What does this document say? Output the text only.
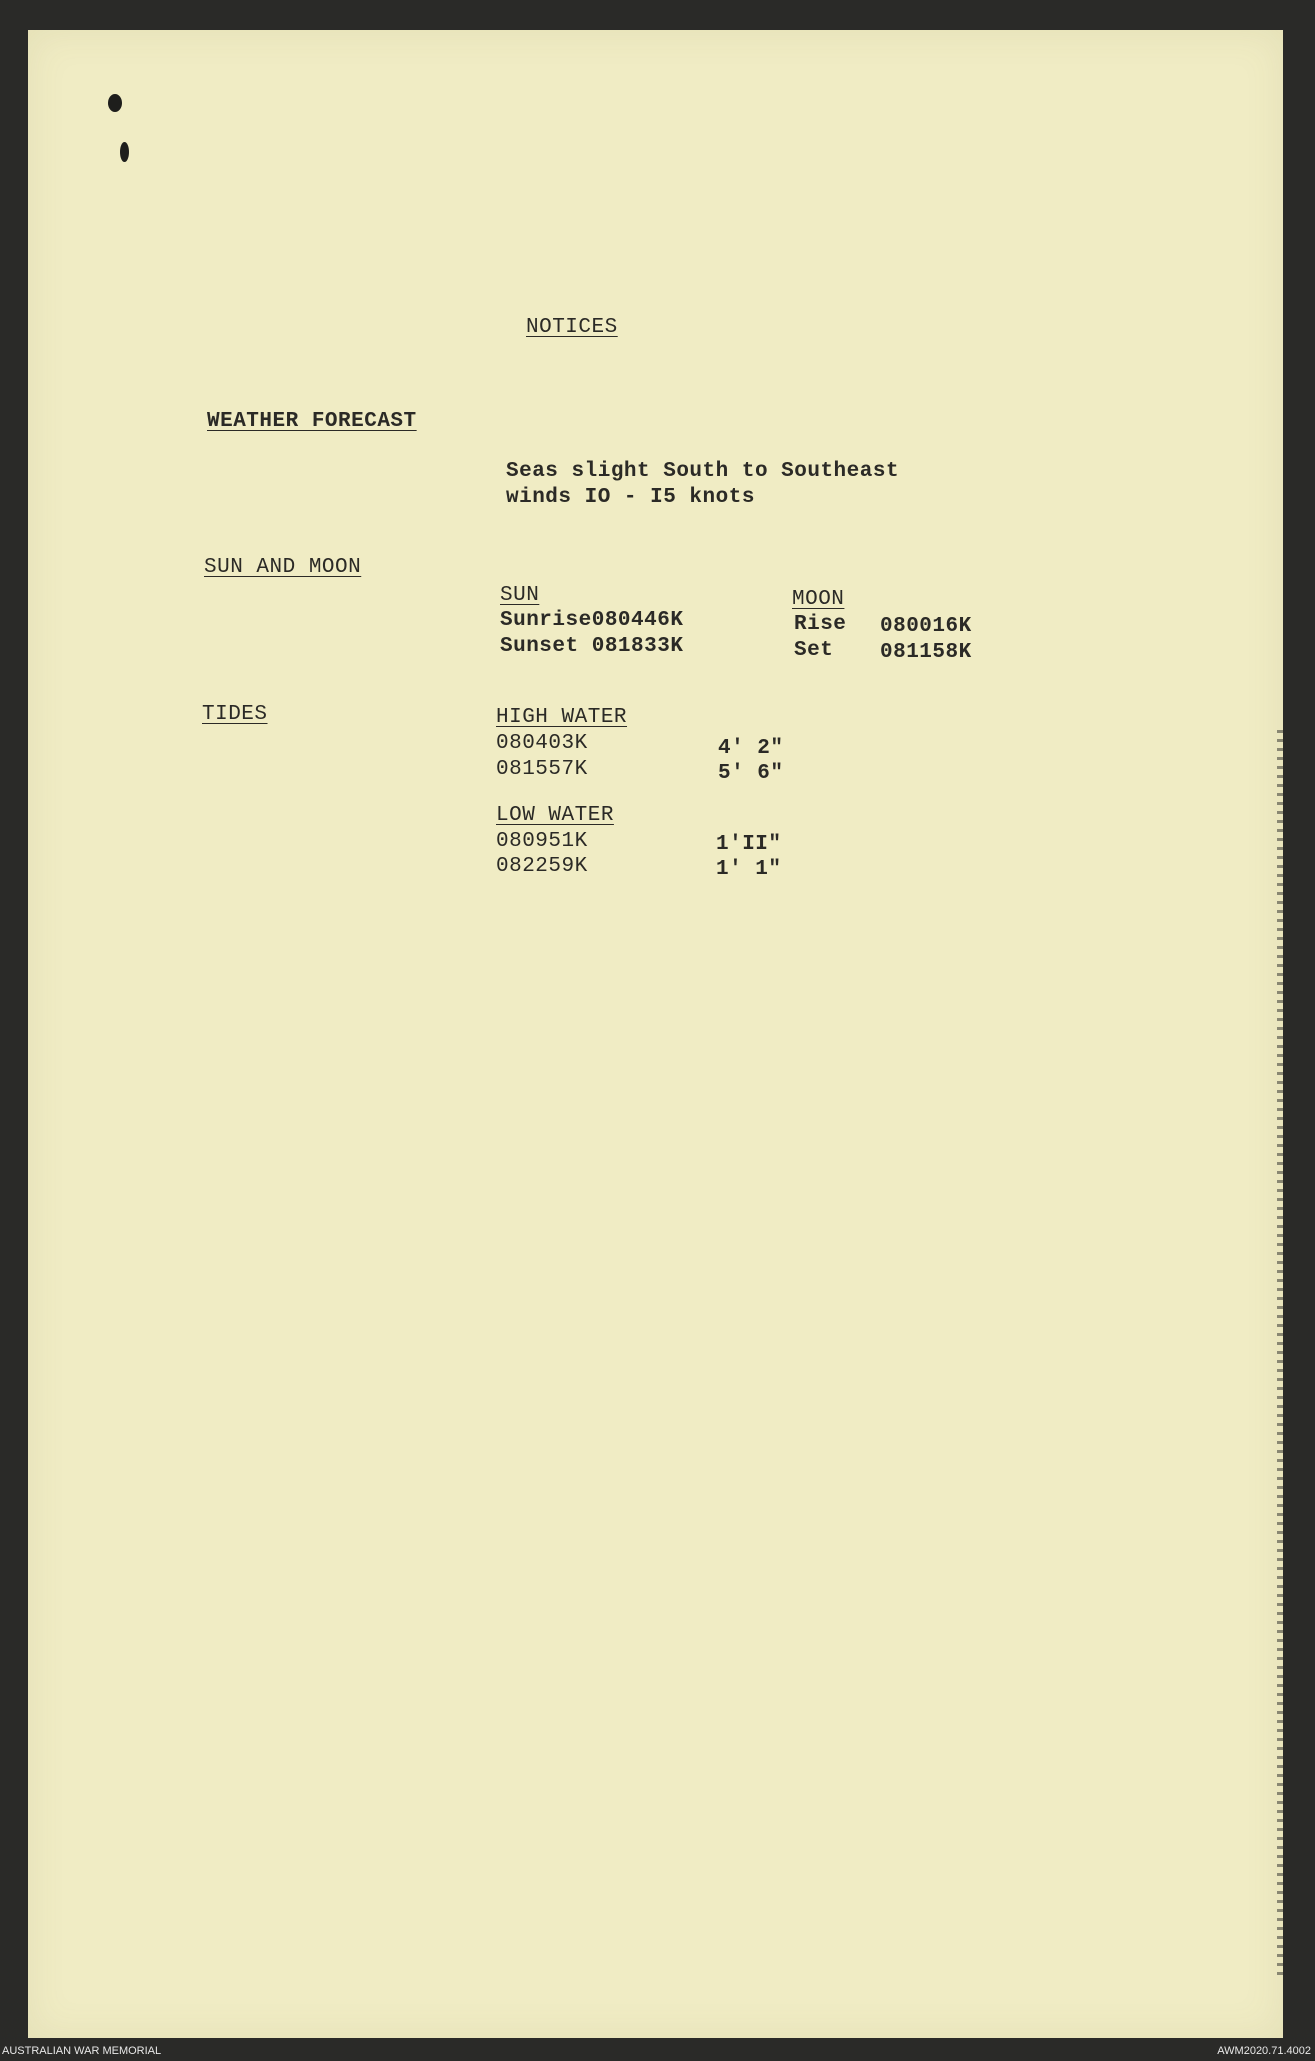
NOTICES
WEATHER FORECAST
Seas slight South to Southeast
winds IO - I5 knots
SUN AND MOON
SUN
Sunrise080446K
Sunset 081833K
MOON
Rise 080016K
Set 081158K
TIDES	HIGH WATER
080403K	4' 2"
081557K	5' 6"
LOW WATER
080951K	1'II"
082259K	1' 1"
AUSTRALIAN WAR MEMORIAL	AWM2020.71.4002
